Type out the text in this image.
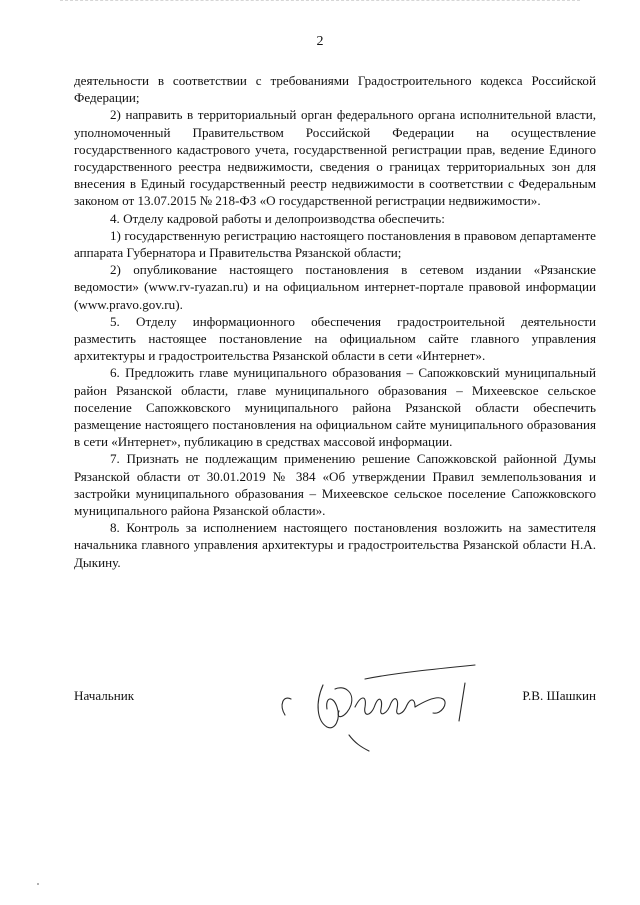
2

деятельности в соответствии с требованиями Градостроительного кодекса Российской Федерации;

2) направить в территориальный орган федерального органа исполнительной власти, уполномоченный Правительством Российской Федерации на осуществление государственного кадастрового учета, государственной регистрации прав, ведение Единого государственного реестра недвижимости, сведения о границах территориальных зон для внесения в Единый государственный реестр недвижимости в соответствии с Федеральным законом от 13.07.2015 № 218-ФЗ «О государственной регистрации недвижимости».

4. Отделу кадровой работы и делопроизводства обеспечить:

1) государственную регистрацию настоящего постановления в правовом департаменте аппарата Губернатора и Правительства Рязанской области;

2) опубликование настоящего постановления в сетевом издании «Рязанские ведомости» (www.rv-ryazan.ru) и на официальном интернет-портале правовой информации (www.pravo.gov.ru).

5. Отделу информационного обеспечения градостроительной деятельности разместить настоящее постановление на официальном сайте главного управления архитектуры и градостроительства Рязанской области в сети «Интернет».

6. Предложить главе муниципального образования – Сапожковский муниципальный район Рязанской области, главе муниципального образования – Михеевское сельское поселение Сапожковского муниципального района Рязанской области обеспечить размещение настоящего постановления на официальном сайте муниципального образования в сети «Интернет», публикацию в средствах массовой информации.

7. Признать не подлежащим применению решение Сапожковской районной Думы Рязанской области от 30.01.2019 № 384 «Об утверждении Правил землепользования и застройки муниципального образования – Михеевское сельское поселение Сапожковского муниципального района Рязанской области».

8. Контроль за исполнением настоящего постановления возложить на заместителя начальника главного управления архитектуры и градостроительства Рязанской области Н.А. Дыкину.

Начальник	Р.В. Шашкин
